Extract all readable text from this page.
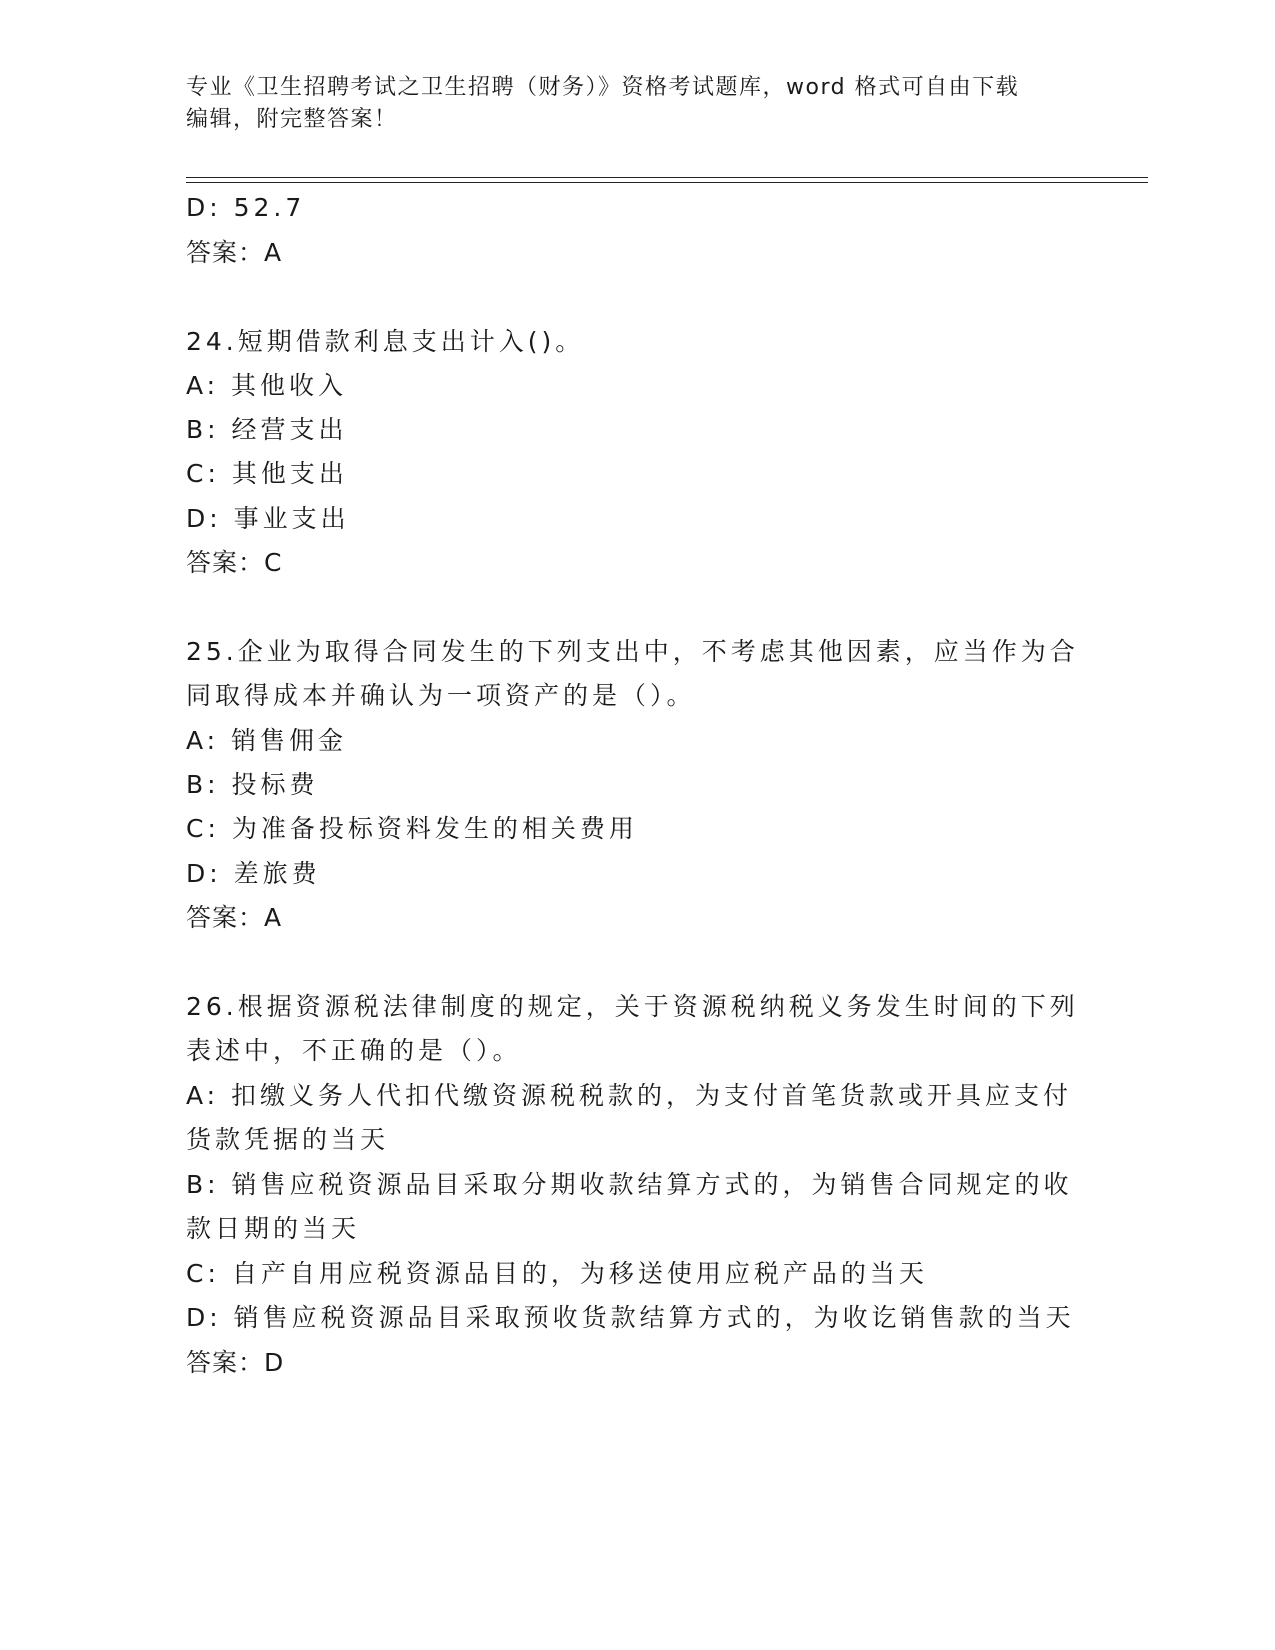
专业《卫生招聘考试之卫生招聘（财务）》资格考试题库，word 格式可自由下载
编辑，附完整答案！
D: 52.7
答案：A
24.短期借款利息支出计入()。
A: 其他收入
B: 经营支出
C: 其他支出
D: 事业支出
答案：C
25.企业为取得合同发生的下列支出中，不考虑其他因素，应当作为合
同取得成本并确认为一项资产的是（）。
A: 销售佣金
B: 投标费
C: 为准备投标资料发生的相关费用
D: 差旅费
答案：A
26.根据资源税法律制度的规定，关于资源税纳税义务发生时间的下列
表述中，不正确的是（）。
A: 扣缴义务人代扣代缴资源税税款的，为支付首笔货款或开具应支付
货款凭据的当天
B: 销售应税资源品目采取分期收款结算方式的，为销售合同规定的收
款日期的当天
C: 自产自用应税资源品目的，为移送使用应税产品的当天
D: 销售应税资源品目采取预收货款结算方式的，为收讫销售款的当天
答案：D
